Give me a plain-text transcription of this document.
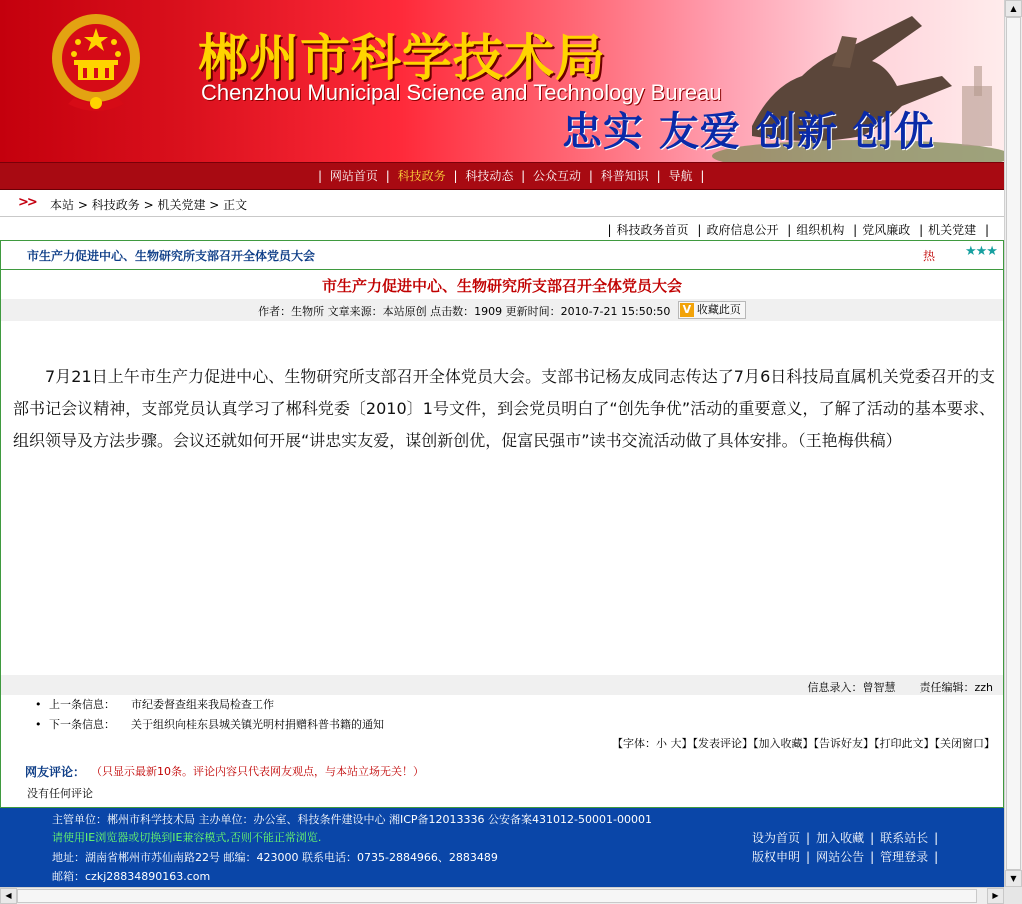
郴州市科学技术局
Chenzhou Municipal Science and Technology Bureau
忠实 友爱 创新 创优
| 网站首页 | 科技政务 | 科技动态 | 公众互动 | 科普知识 | 导航 |
>> 本站 > 科技政务 > 机关党建 > 正文
| 科技政务首页 | 政府信息公开 | 组织机构 | 党风廉政 | 机关党建 |
市生产力促进中心、生物研究所支部召开全体党员大会	热 ★★★
市生产力促进中心、生物研究所支部召开全体党员大会
作者：生物所 文章来源：本站原创 点击数：1909 更新时间：2010-7-21 15:50:50 V 收藏此页

7月21日上午市生产力促进中心、生物研究所支部召开全体党员大会。支部书记杨友成同志传达了7月6日科技局直属机关党委召开的支部书记会议精神，支部党员认真学习了郴科党委〔2010〕1号文件，到会党员明白了“创先争优”活动的重要意义，了解了活动的基本要求、组织领导及方法步骤。会议还就如何开展“讲忠实友爱，谋创新创优，促富民强市”读书交流活动做了具体安排。（王艳梅供稿）

信息录入：曾智慧 责任编辑：zzh
• 上一条信息： 市纪委督查组来我局检查工作
• 下一条信息： 关于组织向桂东县城关镇光明村捐赠科普书籍的通知
【字体：小 大】【发表评论】【加入收藏】【告诉好友】【打印此文】【关闭窗口】
网友评论： （只显示最新10条。评论内容只代表网友观点，与本站立场无关！）
没有任何评论
主管单位：郴州市科学技术局 主办单位：办公室、科技条件建设中心 湘ICP备12013336 公安备案431012-50001-00001
请使用IE浏览器或切换到IE兼容模式,否则不能正常浏览.
地址：湖南省郴州市苏仙南路22号 邮编：423000 联系电话：0735-2884966、2883489
邮箱：czkj28834890163.com
设为首页 | 加入收藏 | 联系站长 |
版权申明 | 网站公告 | 管理登录 |
▲
▼
◀	▶
